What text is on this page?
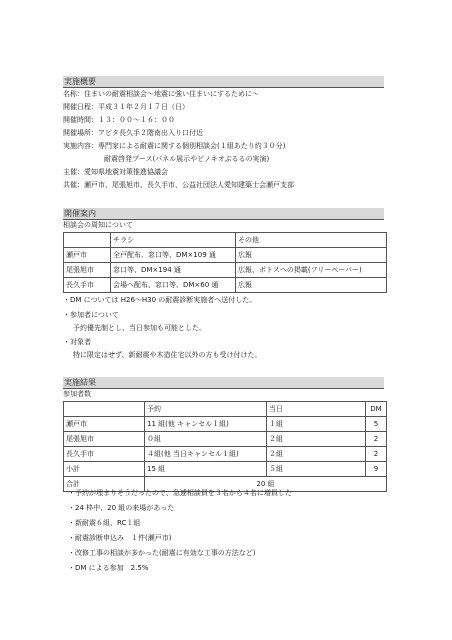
実施概要
名称：住まいの耐震相談会～地震に強い住まいにするために～
開催日程：平成３１年２月１７日（日）
開催時間：１３：００～１６：００
開催場所：アピタ長久手２階南出入り口付近
実施内容：専門家による耐震に関する個別相談会(１組あたり約３０分)
耐震啓発ブース(パネル展示やピノキオぶるるの実演)
主催：愛知県地震対策推進協議会
共催：瀬戸市、尾張旭市、長久手市、公益社団法人愛知建築士会瀬戸支部
開催案内
相談会の周知について
	チラシ	その他
瀬戸市	全戸配布、窓口等、DM×109 通	広報
尾張旭市	窓口等、DM×194 通	広報、ポトスへの掲載(フリーペーパー)
長久手市	会場へ配布、窓口等、DM×60 通	広報
・DM については H26～H30 の耐震診断実施者へ送付した。
・参加者について
予約優先制とし、当日参加も可能とした。
・対象者
特に限定はせず、新耐震や木造住宅以外の方も受け付けた。
実施結果
参加者数
	予約	当日	DM
瀬戸市	11 組(他 キャンセル１組)	１組	5
尾張旭市	０組	２組	2
長久手市	４組(他 当日キャンセル１組)	２組	2
小計	15 組	５組	9
合計	20 組		
・予約が埋まりそうだったので、急遽相談員を３名から４名に増員した
・24 枠中、20 組の来場があった
・新耐震６組、RC１組
・耐震診断申込み　１件(瀬戸市)
・改修工事の相談が多かった(耐震に有効な工事の方法など)
・DM による参加　2.5%
